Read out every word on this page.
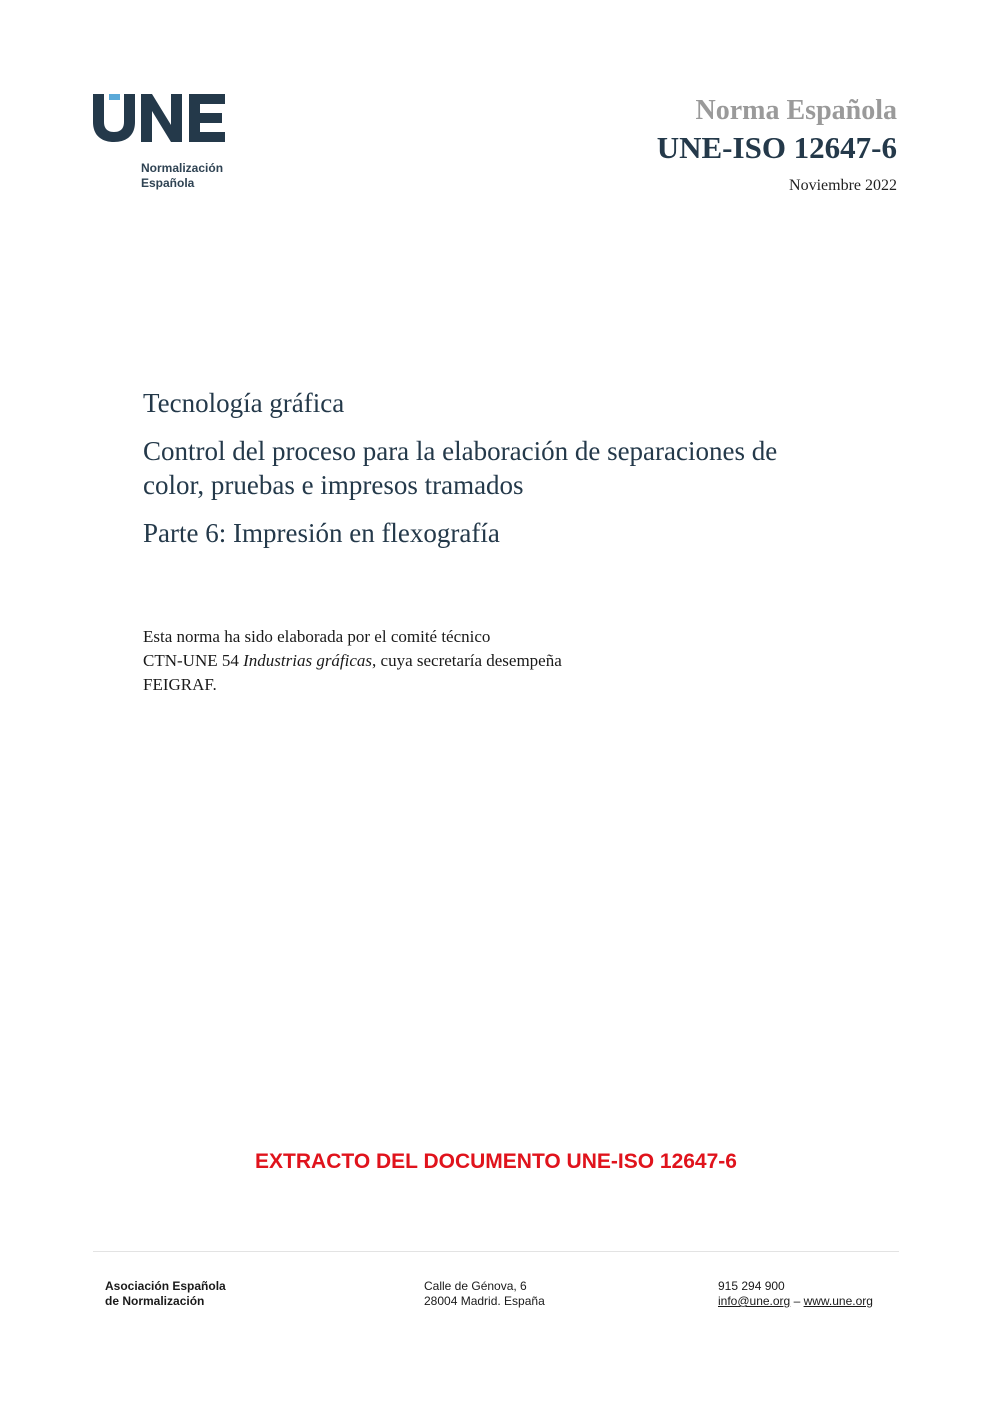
Normalización
Española
Norma Española
UNE-ISO 12647-6
Noviembre 2022
Tecnología gráfica
Control del proceso para la elaboración de separaciones de
color, pruebas e impresos tramados
Parte 6: Impresión en flexografía
Esta norma ha sido elaborada por el comité técnico
CTN-UNE 54 Industrias gráficas, cuya secretaría desempeña
FEIGRAF.
EXTRACTO DEL DOCUMENTO UNE-ISO 12647-6
Asociación Española
de Normalización
Calle de Génova, 6
28004 Madrid. España
915 294 900
info@une.org – www.une.org
